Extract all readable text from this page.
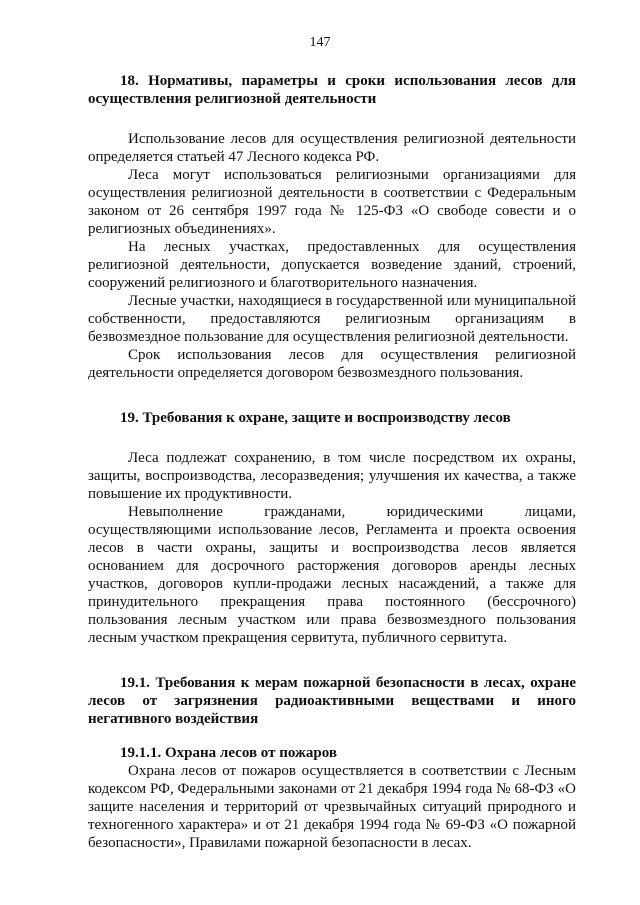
147
18. Нормативы, параметры и сроки использования лесов для осуществления религиозной деятельности

Использование лесов для осуществления религиозной деятельности определяется статьей 47 Лесного кодекса РФ.

Леса могут использоваться религиозными организациями для осуществления религиозной деятельности в соответствии с Федеральным законом от 26 сентября 1997 года № 125-ФЗ «О свободе совести и о религиозных объединениях».

На лесных участках, предоставленных для осуществления религиозной деятельности, допускается возведение зданий, строений, сооружений религиозного и благотворительного назначения.

Лесные участки, находящиеся в государственной или муниципальной собственности, предоставляются религиозным организациям в безвозмездное пользование для осуществления религиозной деятельности.

Срок использования лесов для осуществления религиозной деятельности определяется договором безвозмездного пользования.

19. Требования к охране, защите и воспроизводству лесов

Леса подлежат сохранению, в том числе посредством их охраны, защиты, воспроизводства, лесоразведения; улучшения их качества, а также повышение их продуктивности.

Невыполнение гражданами, юридическими лицами, осуществляющими использование лесов, Регламента и проекта освоения лесов в части охраны, защиты и воспроизводства лесов является основанием для досрочного расторжения договоров аренды лесных участков, договоров купли-продажи лесных насаждений, а также для принудительного прекращения права постоянного (бессрочного) пользования лесным участком или права безвозмездного пользования лесным участком прекращения сервитута, публичного сервитута.

19.1. Требования к мерам пожарной безопасности в лесах, охране лесов от загрязнения радиоактивными веществами и иного негативного воздействия
19.1.1. Охрана лесов от пожаров

Охрана лесов от пожаров осуществляется в соответствии с Лесным кодексом РФ, Федеральными законами от 21 декабря 1994 года № 68-ФЗ «О защите населения и территорий от чрезвычайных ситуаций природного и техногенного характера» и от 21 декабря 1994 года № 69-ФЗ «О пожарной безопасности», Правилами пожарной безопасности в лесах.
